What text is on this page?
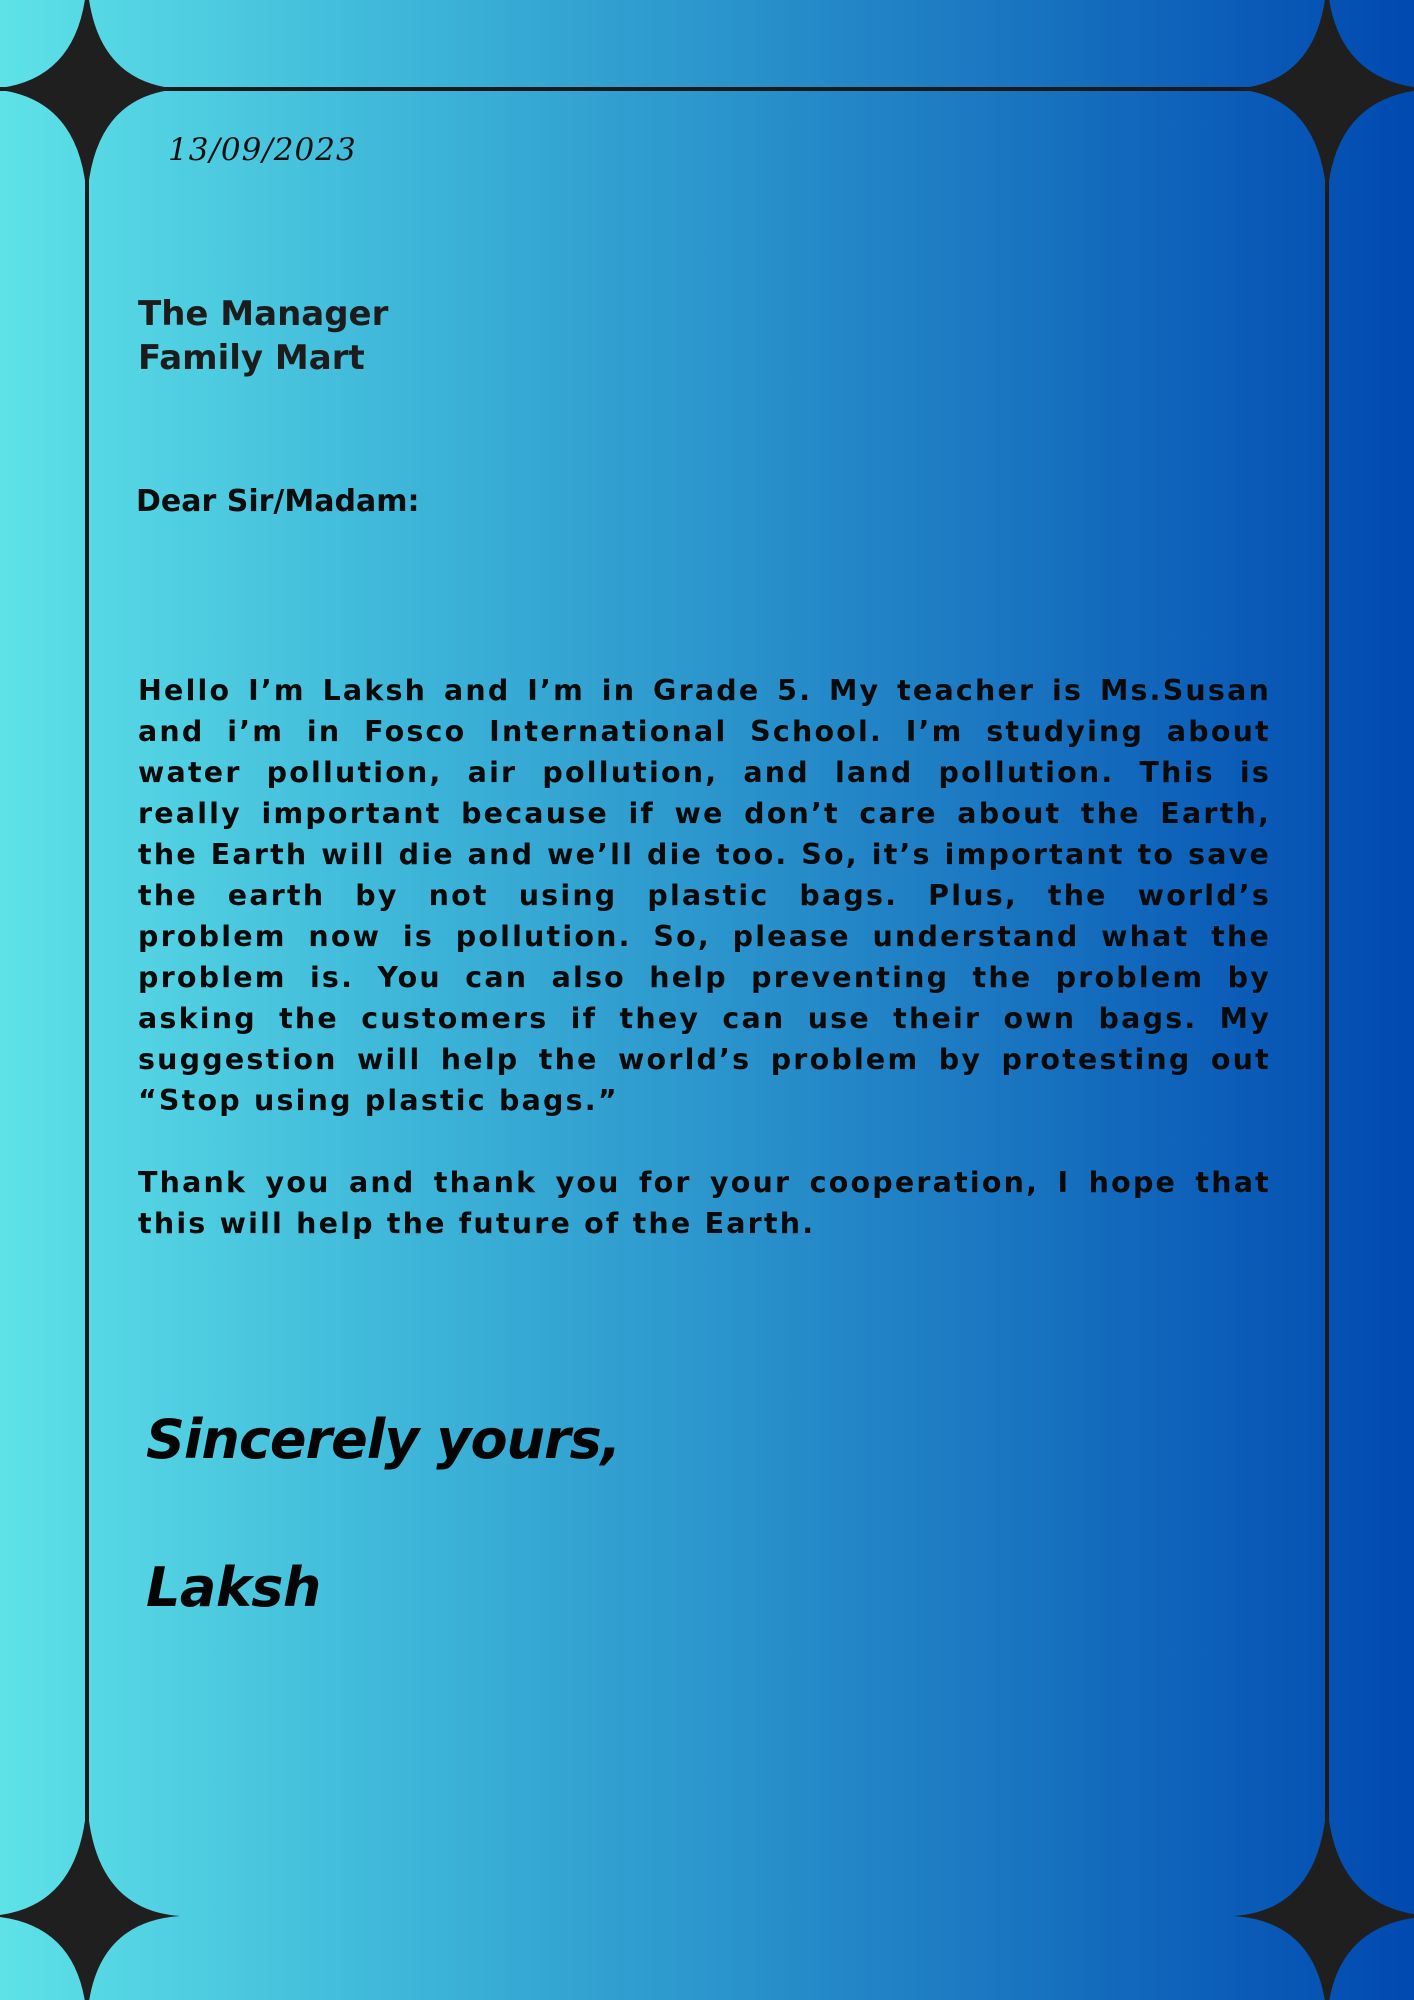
13/09/2023
The Manager
Family Mart
Dear Sir/Madam:
Hello I’m Laksh and I’m in Grade 5. My teacher is Ms.Susan and i’m in Fosco International School. I’m studying about water pollution, air pollution, and land pollution. This is really important because if we don’t care about the Earth, the Earth will die and we’ll die too. So, it’s important to save the earth by not using plastic bags. Plus, the world’s problem now is pollution. So, please understand what the problem is. You can also help preventing the problem by asking the customers if they can use their own bags. My suggestion will help the world’s problem by protesting out “Stop using plastic bags.”
Thank you and thank you for your cooperation, I hope that this will help the future of the Earth.
Sincerely yours,
Laksh
